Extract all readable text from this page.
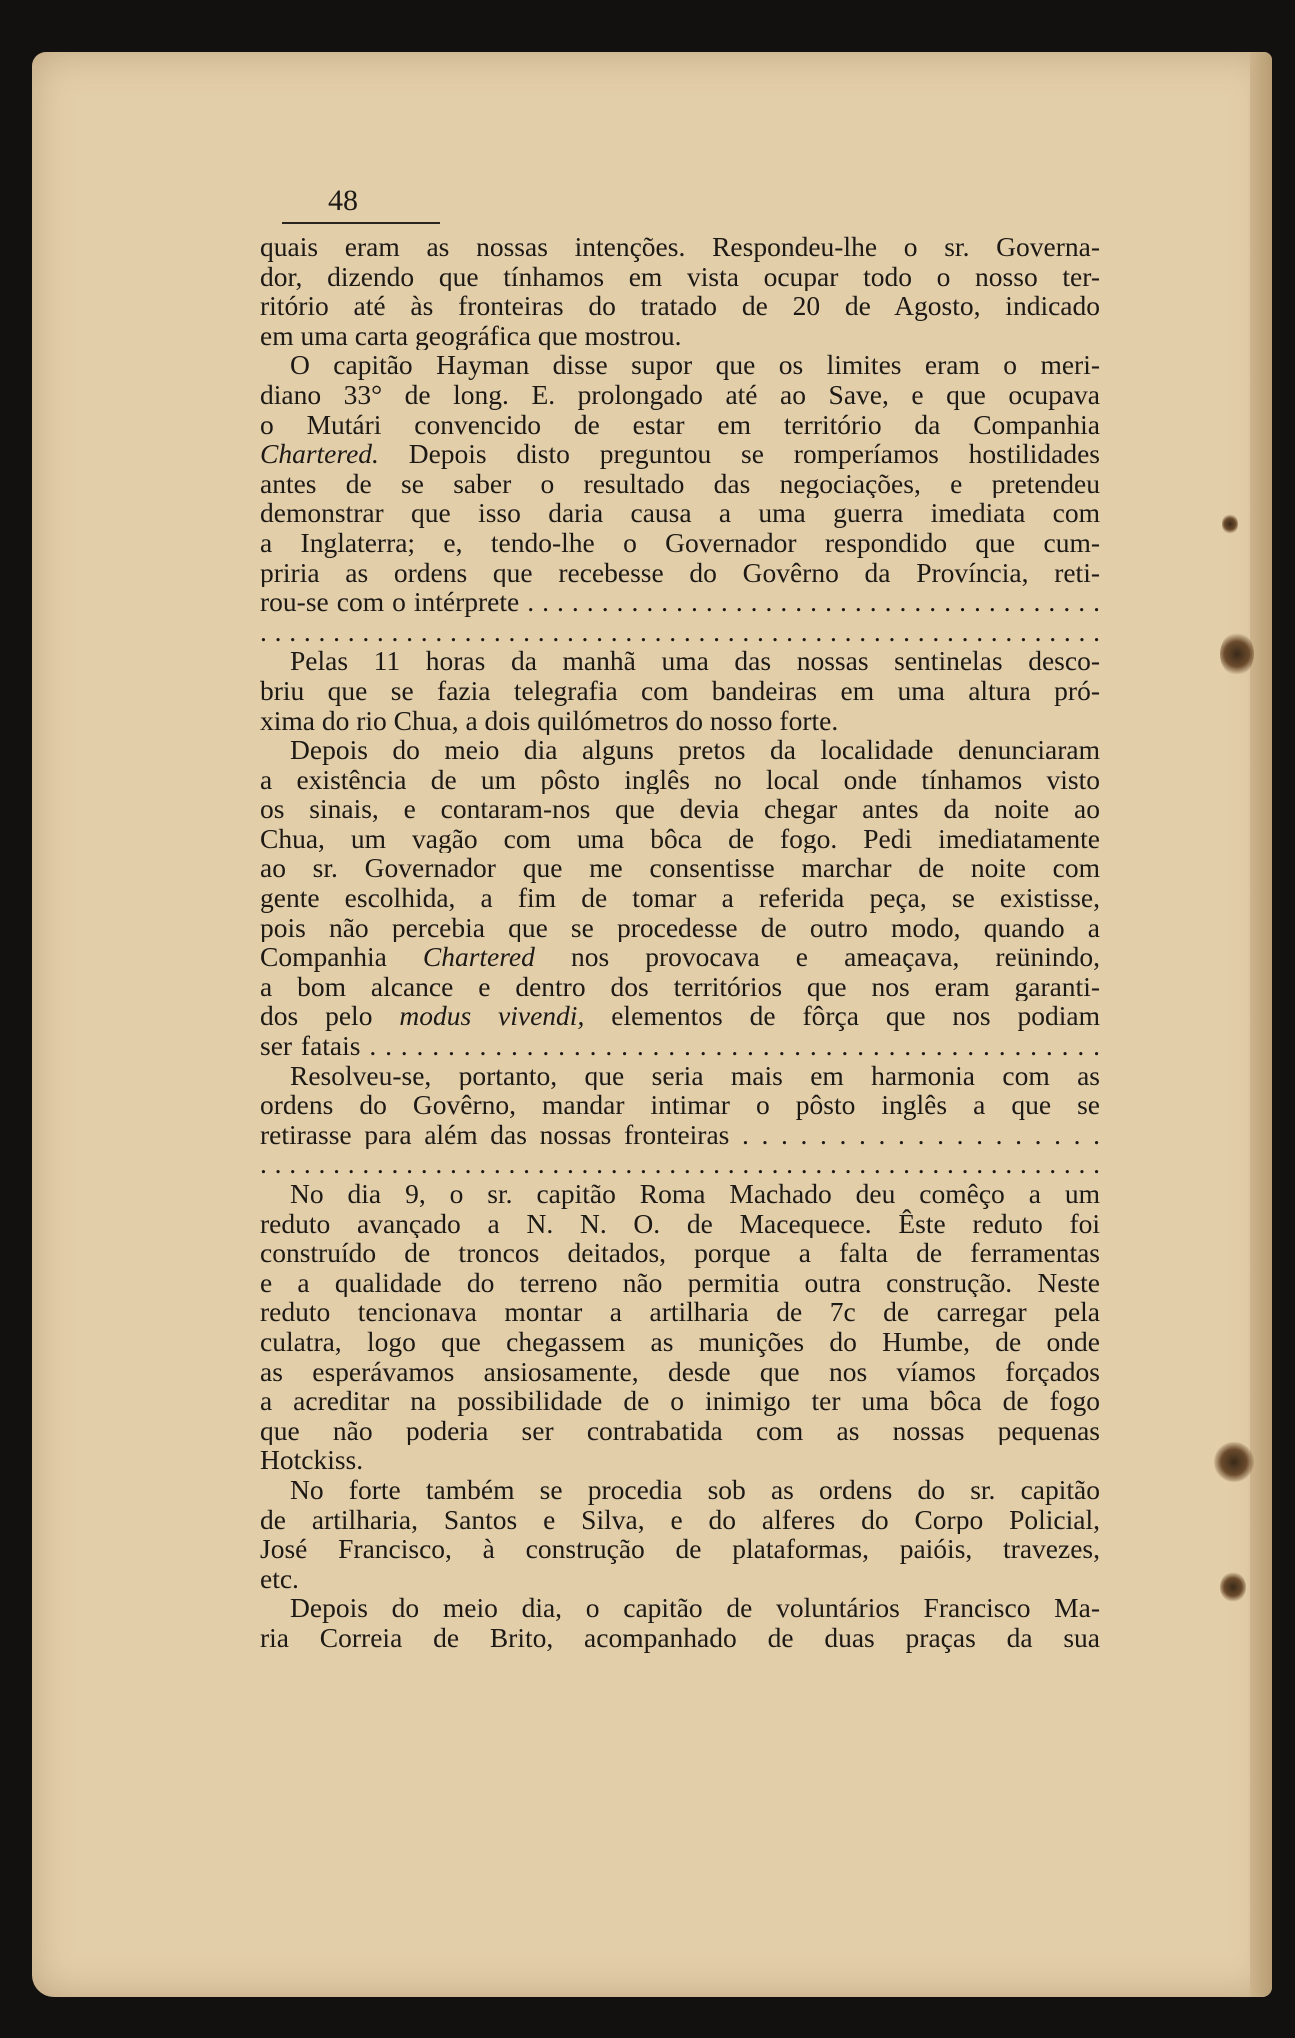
48
quais eram as nossas intenções. Respondeu-lhe o sr. Governa-
dor, dizendo que tínhamos em vista ocupar todo o nosso ter-
ritório até às fronteiras do tratado de 20 de Agosto, indicado
em uma carta geográfica que mostrou.
O capitão Hayman disse supor que os limites eram o meri-
diano 33° de long. E. prolongado até ao Save, e que ocupava
o Mutári convencido de estar em território da Companhia
Chartered. Depois disto preguntou se romperíamos hostilidades
antes de se saber o resultado das negociações, e pretendeu
demonstrar que isso daria causa a uma guerra imediata com
a Inglaterra; e, tendo-lhe o Governador respondido que cum-
priria as ordens que recebesse do Govêrno da Província, reti-
rou-se com o intérprete . . . . . . . . . . . . . . . . . . . . . . . . . . . . . . . . . . . . . . .
. . . . . . . . . . . . . . . . . . . . . . . . . . . . . . . . . . . . . . . . . . . . . . . . . . . . . . . . . .
Pelas 11 horas da manhã uma das nossas sentinelas desco-
briu que se fazia telegrafia com bandeiras em uma altura pró-
xima do rio Chua, a dois quilómetros do nosso forte.
Depois do meio dia alguns pretos da localidade denunciaram
a existência de um pôsto inglês no local onde tínhamos visto
os sinais, e contaram-nos que devia chegar antes da noite ao
Chua, um vagão com uma bôca de fogo. Pedi imediatamente
ao sr. Governador que me consentisse marchar de noite com
gente escolhida, a fim de tomar a referida peça, se existisse,
pois não percebia que se procedesse de outro modo, quando a
Companhia Chartered nos provocava e ameaçava, reünindo,
a bom alcance e dentro dos territórios que nos eram garanti-
dos pelo modus vivendi, elementos de fôrça que nos podiam
ser fatais . . . . . . . . . . . . . . . . . . . . . . . . . . . . . . . . . . . . . . . . . . . . . . .
Resolveu-se, portanto, que seria mais em harmonia com as
ordens do Govêrno, mandar intimar o pôsto inglês a que se
retirasse para além das nossas fronteiras . . . . . . . . . . . . . . . . . . .
. . . . . . . . . . . . . . . . . . . . . . . . . . . . . . . . . . . . . . . . . . . . . . . . . . . . . . . . . .
No dia 9, o sr. capitão Roma Machado deu comêço a um
reduto avançado a N. N. O. de Macequece. Êste reduto foi
construído de troncos deitados, porque a falta de ferramentas
e a qualidade do terreno não permitia outra construção. Neste
reduto tencionava montar a artilharia de 7c de carregar pela
culatra, logo que chegassem as munições do Humbe, de onde
as esperávamos ansiosamente, desde que nos víamos forçados
a acreditar na possibilidade de o inimigo ter uma bôca de fogo
que não poderia ser contrabatida com as nossas pequenas
Hotckiss.
No forte também se procedia sob as ordens do sr. capitão
de artilharia, Santos e Silva, e do alferes do Corpo Policial,
José Francisco, à construção de plataformas, paióis, travezes,
etc.
Depois do meio dia, o capitão de voluntários Francisco Ma-
ria Correia de Brito, acompanhado de duas praças da sua
